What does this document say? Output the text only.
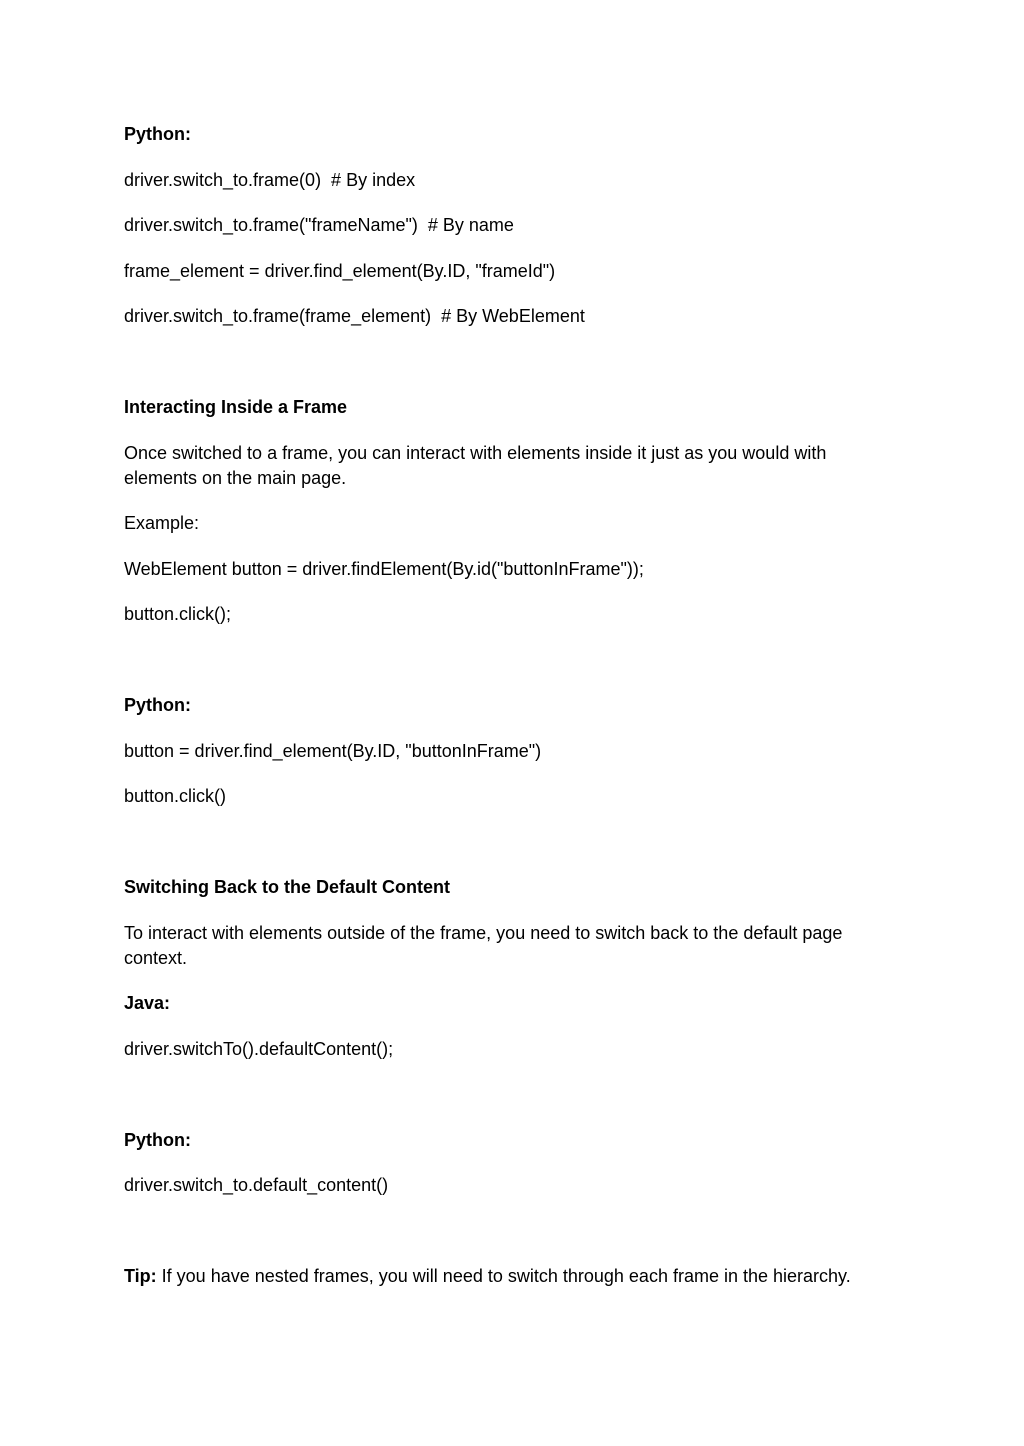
Python:

driver.switch_to.frame(0)  # By index

driver.switch_to.frame("frameName")  # By name

frame_element = driver.find_element(By.ID, "frameId")

driver.switch_to.frame(frame_element)  # By WebElement

Interacting Inside a Frame

Once switched to a frame, you can interact with elements inside it just as you would with elements on the main page.

Example:

WebElement button = driver.findElement(By.id("buttonInFrame"));

button.click();

Python:

button = driver.find_element(By.ID, "buttonInFrame")

button.click()

Switching Back to the Default Content

To interact with elements outside of the frame, you need to switch back to the default page context.

Java:

driver.switchTo().defaultContent();

Python:

driver.switch_to.default_content()

Tip: If you have nested frames, you will need to switch through each frame in the hierarchy.
